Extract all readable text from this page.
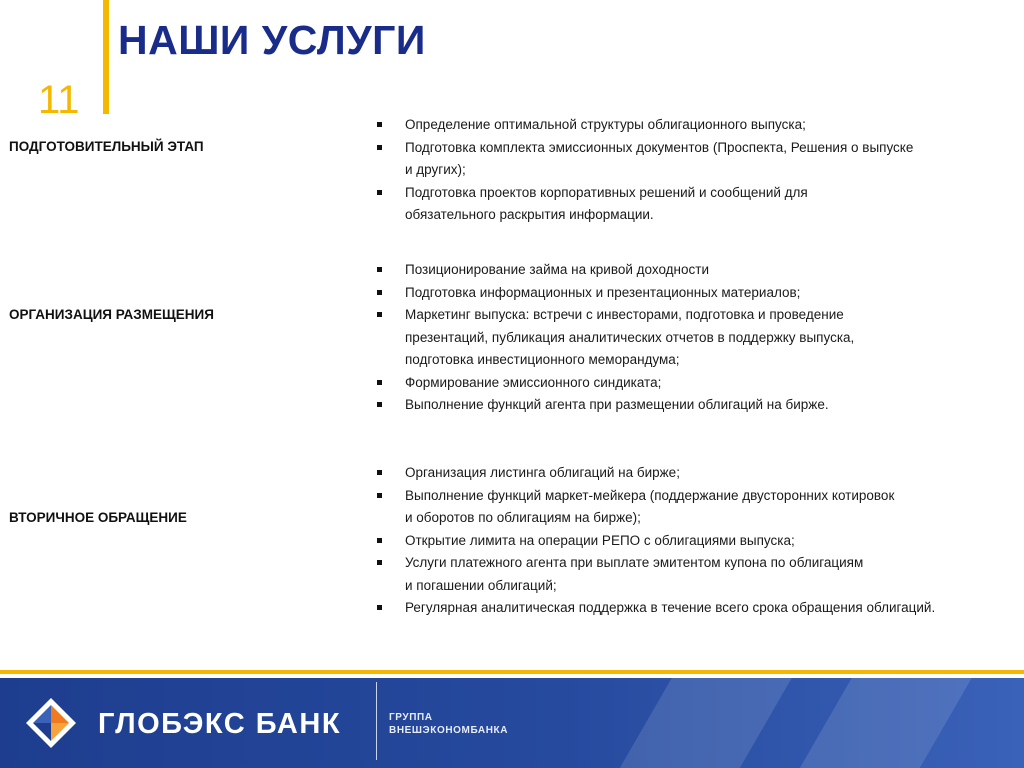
11
НАШИ УСЛУГИ
ПОДГОТОВИТЕЛЬНЫЙ ЭТАП
Определение оптимальной структуры облигационного выпуска;
Подготовка комплекта эмиссионных документов (Проспекта, Решения о выпуске
и других);
Подготовка проектов корпоративных решений и сообщений для
обязательного раскрытия информации.
ОРГАНИЗАЦИЯ РАЗМЕЩЕНИЯ
Позиционирование займа на кривой доходности
Подготовка информационных и презентационных материалов;
Маркетинг выпуска: встречи с инвесторами, подготовка и проведение
презентаций, публикация аналитических отчетов в поддержку выпуска,
подготовка инвестиционного меморандума;
Формирование эмиссионного синдиката;
Выполнение функций агента при размещении облигаций на бирже.
ВТОРИЧНОЕ ОБРАЩЕНИЕ
Организация листинга облигаций на бирже;
Выполнение функций маркет-мейкера (поддержание двусторонних котировок
и оборотов по облигациям на бирже);
Открытие лимита на операции РЕПО с облигациями выпуска;
Услуги платежного агента при выплате эмитентом купона по облигациям
и погашении облигаций;
Регулярная аналитическая поддержка в течение всего срока обращения облигаций.
ГЛОБЭКС БАНК	ГРУППА
ВНЕШЭКОНОМБАНКА
